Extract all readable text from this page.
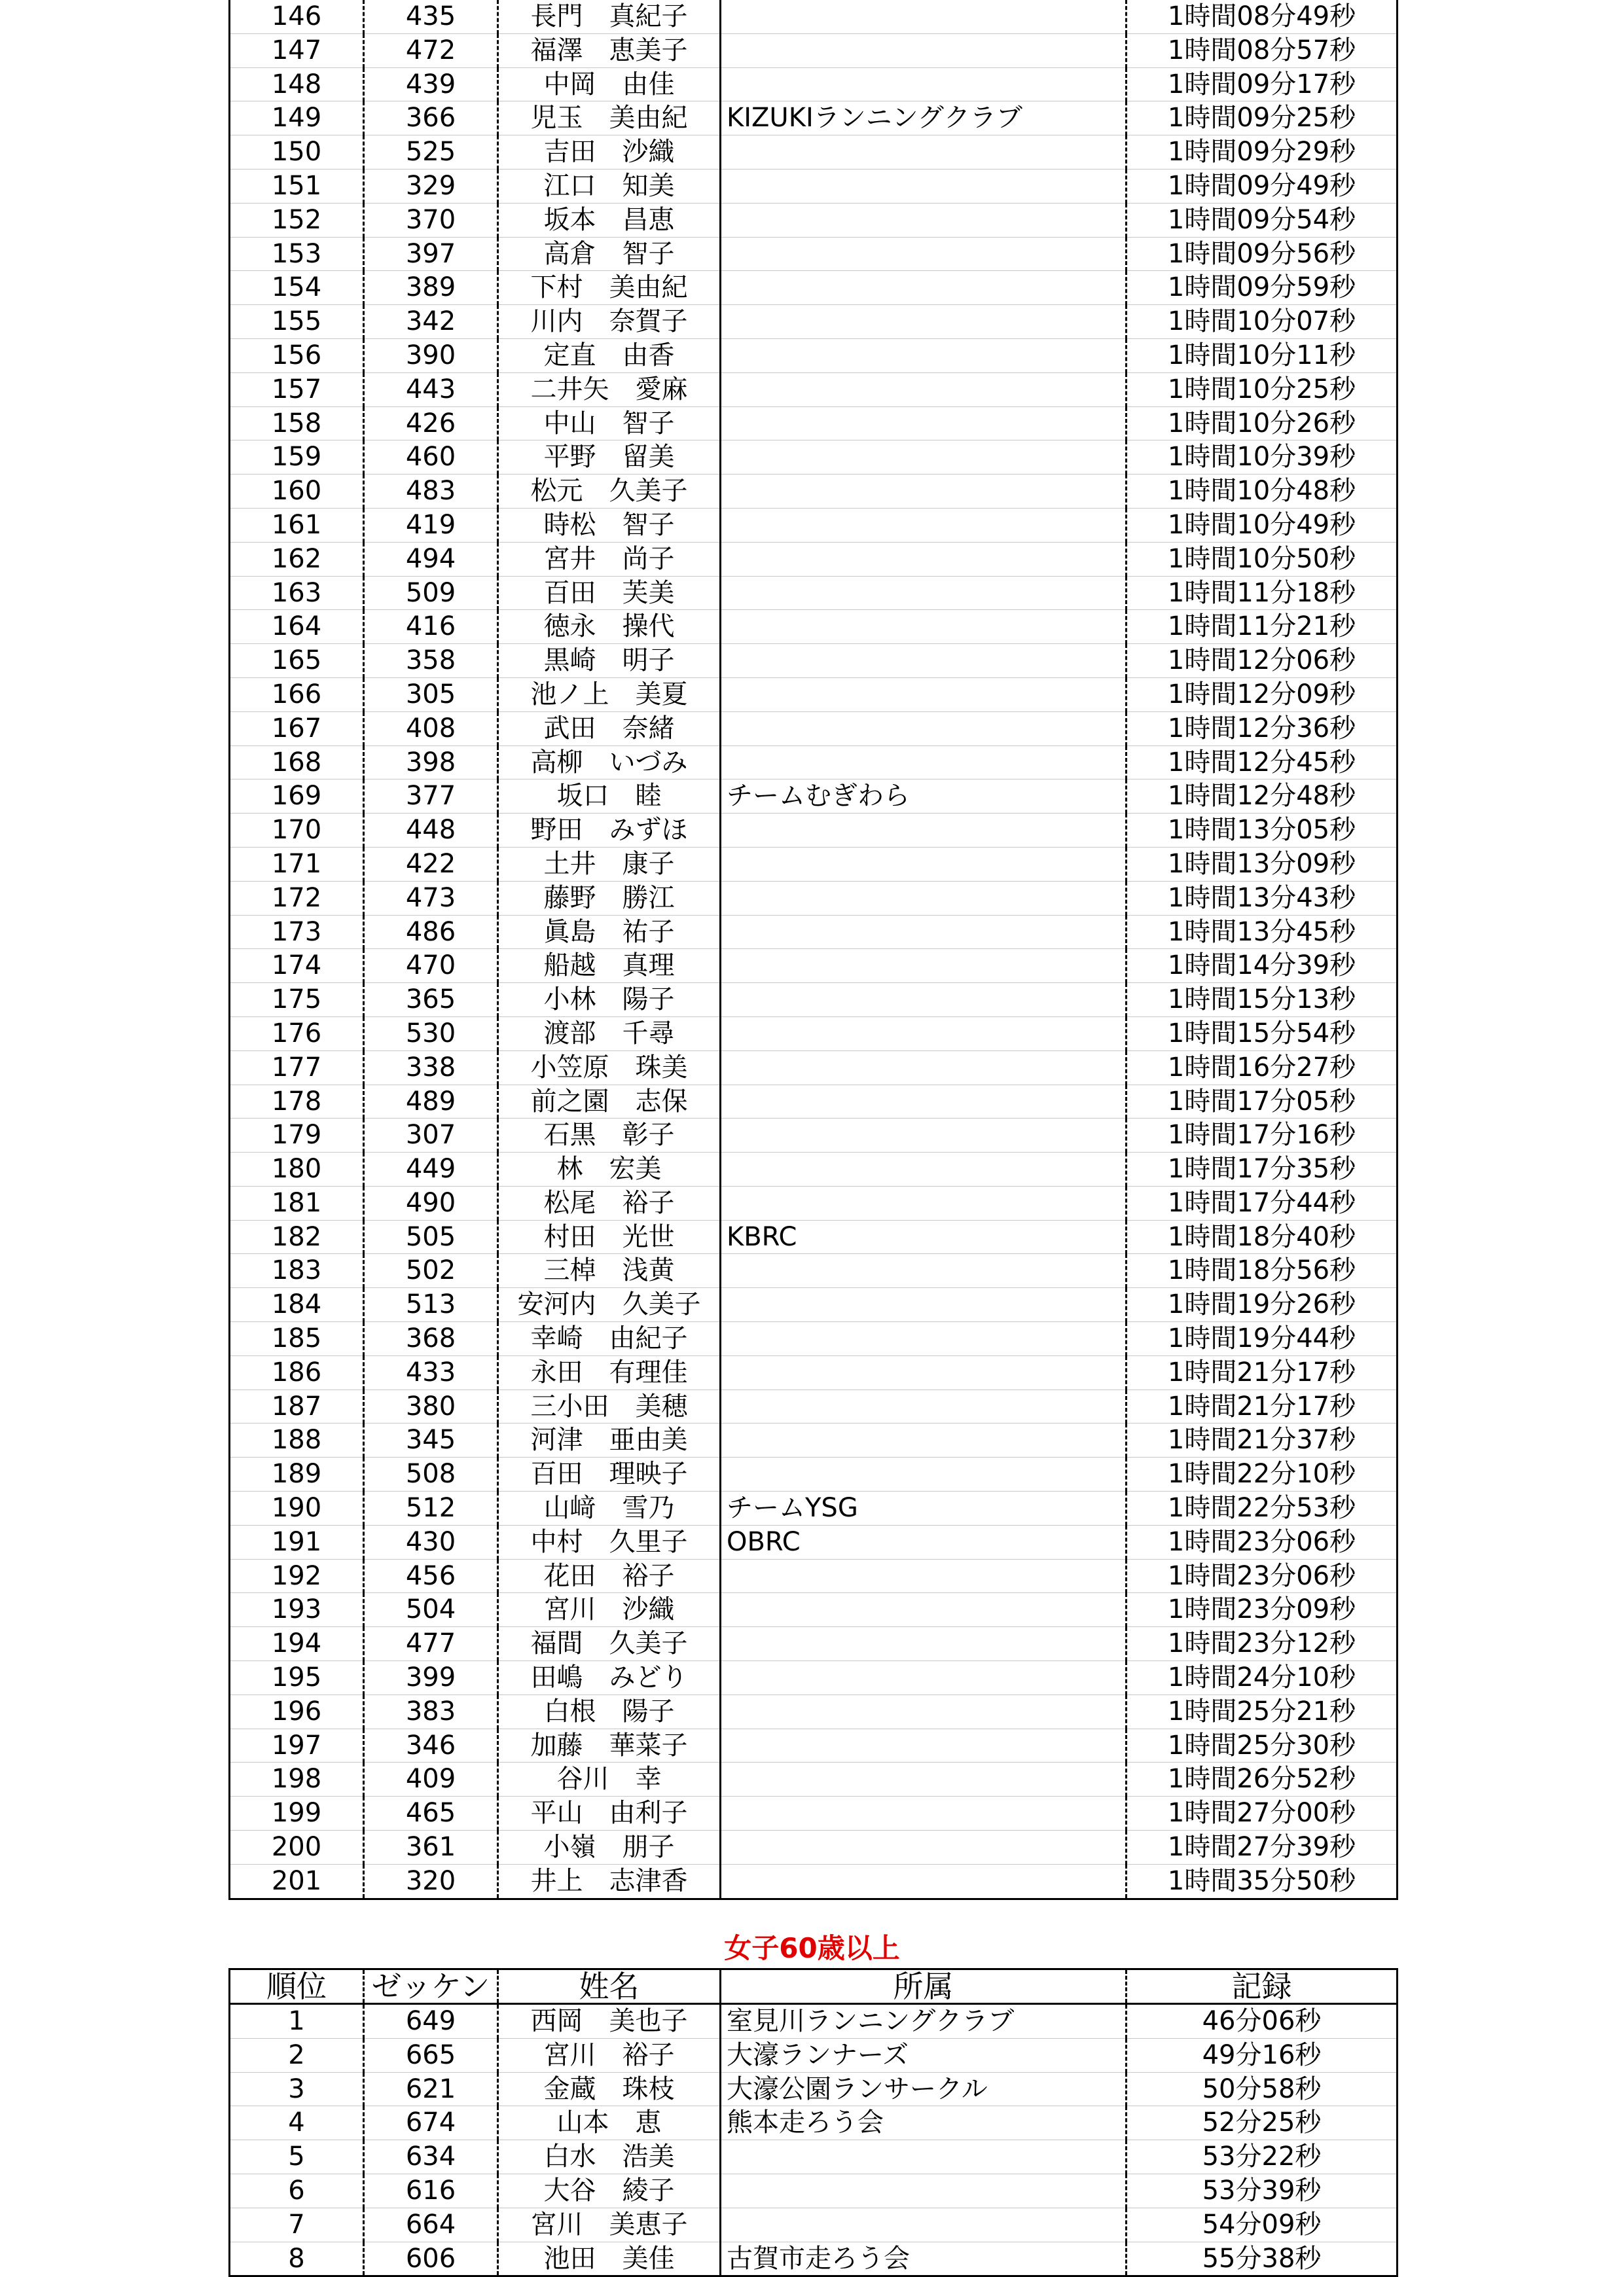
146	435	長門　真紀子		1時間08分49秒
147	472	福澤　恵美子		1時間08分57秒
148	439	中岡　由佳		1時間09分17秒
149	366	児玉　美由紀	KIZUKIランニングクラブ	1時間09分25秒
150	525	吉田　沙織		1時間09分29秒
151	329	江口　知美		1時間09分49秒
152	370	坂本　昌恵		1時間09分54秒
153	397	高倉　智子		1時間09分56秒
154	389	下村　美由紀		1時間09分59秒
155	342	川内　奈賀子		1時間10分07秒
156	390	定直　由香		1時間10分11秒
157	443	二井矢　愛麻		1時間10分25秒
158	426	中山　智子		1時間10分26秒
159	460	平野　留美		1時間10分39秒
160	483	松元　久美子		1時間10分48秒
161	419	時松　智子		1時間10分49秒
162	494	宮井　尚子		1時間10分50秒
163	509	百田　芙美		1時間11分18秒
164	416	徳永　操代		1時間11分21秒
165	358	黒崎　明子		1時間12分06秒
166	305	池ノ上　美夏		1時間12分09秒
167	408	武田　奈緒		1時間12分36秒
168	398	高柳　いづみ		1時間12分45秒
169	377	坂口　睦	チームむぎわら	1時間12分48秒
170	448	野田　みずほ		1時間13分05秒
171	422	土井　康子		1時間13分09秒
172	473	藤野　勝江		1時間13分43秒
173	486	眞島　祐子		1時間13分45秒
174	470	船越　真理		1時間14分39秒
175	365	小林　陽子		1時間15分13秒
176	530	渡部　千尋		1時間15分54秒
177	338	小笠原　珠美		1時間16分27秒
178	489	前之園　志保		1時間17分05秒
179	307	石黒　彰子		1時間17分16秒
180	449	林　宏美		1時間17分35秒
181	490	松尾　裕子		1時間17分44秒
182	505	村田　光世	KBRC	1時間18分40秒
183	502	三棹　浅黄		1時間18分56秒
184	513	安河内　久美子		1時間19分26秒
185	368	幸崎　由紀子		1時間19分44秒
186	433	永田　有理佳		1時間21分17秒
187	380	三小田　美穂		1時間21分17秒
188	345	河津　亜由美		1時間21分37秒
189	508	百田　理映子		1時間22分10秒
190	512	山﨑　雪乃	チームYSG	1時間22分53秒
191	430	中村　久里子	OBRC	1時間23分06秒
192	456	花田　裕子		1時間23分06秒
193	504	宮川　沙織		1時間23分09秒
194	477	福間　久美子		1時間23分12秒
195	399	田嶋　みどり		1時間24分10秒
196	383	白根　陽子		1時間25分21秒
197	346	加藤　華菜子		1時間25分30秒
198	409	谷川　幸		1時間26分52秒
199	465	平山　由利子		1時間27分00秒
200	361	小嶺　朋子		1時間27分39秒
201	320	井上　志津香		1時間35分50秒
女子60歳以上
順位	ゼッケン	姓名	所属	記録
1	649	西岡　美也子	室見川ランニングクラブ	46分06秒
2	665	宮川　裕子	大濠ランナーズ	49分16秒
3	621	金蔵　珠枝	大濠公園ランサークル	50分58秒
4	674	山本　恵	熊本走ろう会	52分25秒
5	634	白水　浩美		53分22秒
6	616	大谷　綾子		53分39秒
7	664	宮川　美恵子		54分09秒
8	606	池田　美佳	古賀市走ろう会	55分38秒
